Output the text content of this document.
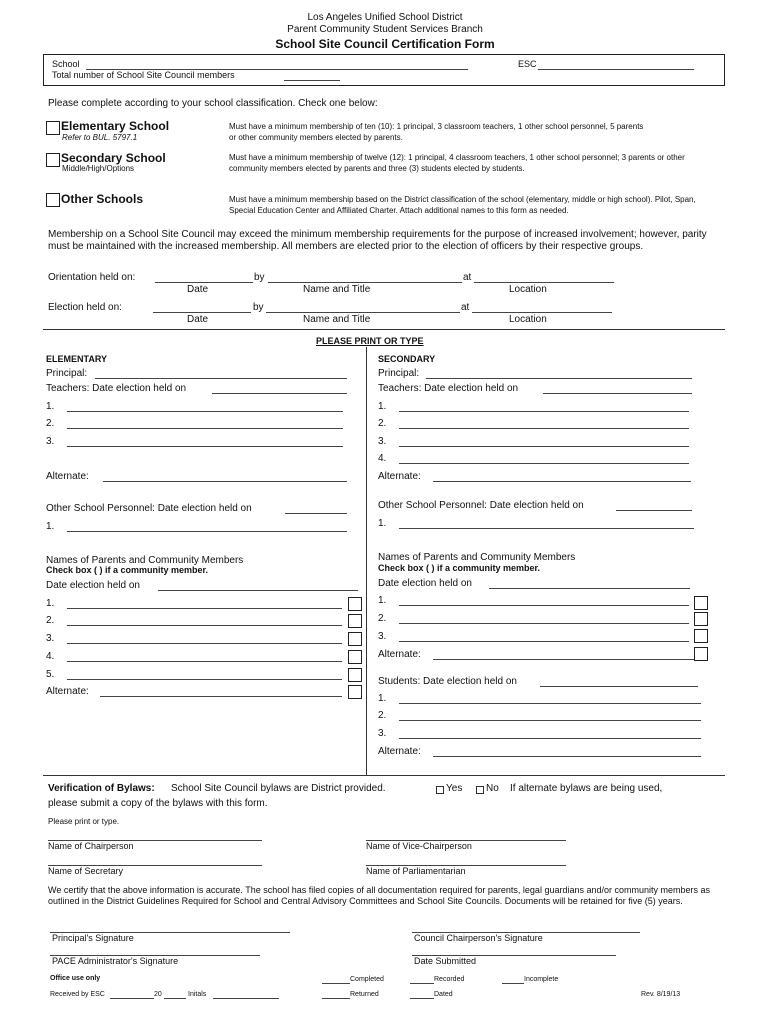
Los Angeles Unified School District
Parent Community Student Services Branch
School Site Council Certification Form
School	ESC
Total number of School Site Council members
Please complete according to your school classification. Check one below:
Elementary School
Refer to BUL. 5797.1
Must have a minimum membership of ten (10): 1 principal, 3 classroom teachers, 1 other school personnel, 5 parents or other community members elected by parents.
Secondary School
Middle/High/Options
Must have a minimum membership of twelve (12): 1 principal, 4 classroom teachers, 1 other school personnel; 3 parents or other community members elected by parents and three (3) students elected by students.
Other Schools	Must have a minimum membership based on the District classification of the school (elementary, middle or high school). Pilot, Span, Special Education Center and Affiliated Charter. Attach additional names to this form as needed.
Membership on a School Site Council may exceed the minimum membership requirements for the purpose of increased involvement; however, parity must be maintained with the increased membership. All members are elected prior to the election of officers by their respective groups.
Orientation held on:	by	at
Date	Name and Title	Location
Election held on:	by	at
Date	Name and Title	Location
PLEASE PRINT OR TYPE
ELEMENTARY
Principal:
Teachers: Date election held on
1.
2.
3.
Alternate:
Other School Personnel: Date election held on
1.
Names of Parents and Community Members
Check box ( ) if a community member.
Date election held on
1.
2.
3.
4.
5.
Alternate:
SECONDARY
Principal:
Teachers: Date election held on
1.
2.
3.
4.
Alternate:
Other School Personnel: Date election held on
1.
Names of Parents and Community Members
Check box ( ) if a community member.
Date election held on
1.
2.
3.
Alternate:
Students: Date election held on
1.
2.
3.
Alternate:
Verification of Bylaws: School Site Council bylaws are District provided.	Yes No If alternate bylaws are being used,
please submit a copy of the bylaws with this form.
Please print or type.
Name of Chairperson	Name of Vice-Chairperson
Name of Secretary	Name of Parliamentarian
We certify that the above information is accurate. The school has filed copies of all documentation required for parents, legal guardians and/or community members as outlined in the District Guidelines Required for School and Central Advisory Committees and School Site Councils. Documents will be retained for five (5) years.
Principal's Signature	Council Chairperson's Signature
PACE Administrator's Signature	Date Submitted
Office use only	Completed	Recorded	Incomplete
Received by ESC	20	Initals	Returned	Dated	Rev. 8/19/13
